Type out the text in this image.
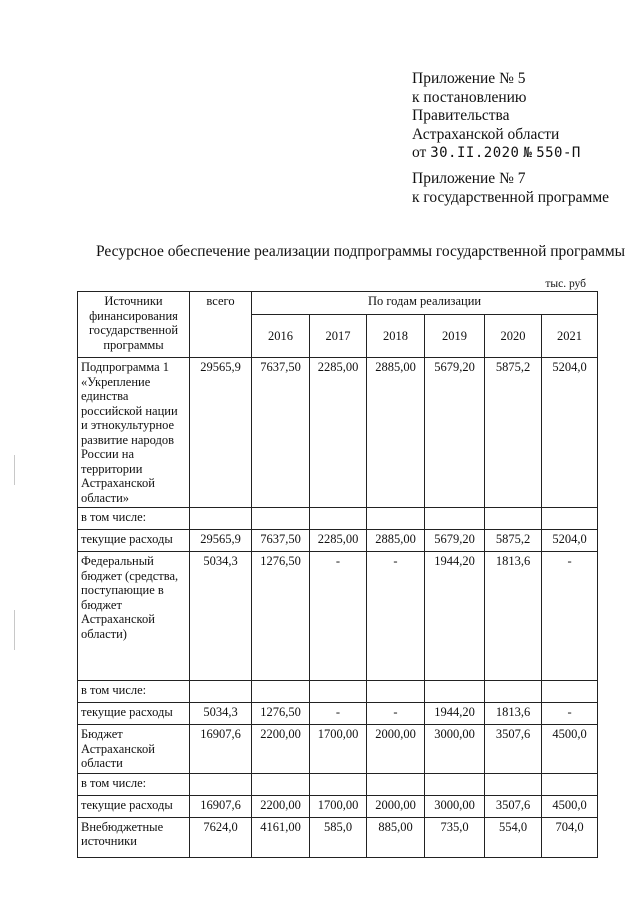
Приложение № 5
к постановлению
Правительства
Астраханской области
от 30.II.2020 № 550-П
Приложение № 7
к государственной программе
Ресурсное обеспечение реализации подпрограммы государственной программы
тыс. руб
Источники финансирования государственной программы	всего	По годам реализации					
		2016	2017	2018	2019	2020	2021
Подпрограмма 1 «Укрепление единства российской нации и этнокультурное развитие народов России на территории Астраханской области»	29565,9	7637,50	2285,00	2885,00	5679,20	5875,2	5204,0
в том числе:							
текущие расходы	29565,9	7637,50	2285,00	2885,00	5679,20	5875,2	5204,0
Федеральный бюджет (средства, поступающие в бюджет Астраханской области)	5034,3	1276,50	-	-	1944,20	1813,6	-
в том числе:							
текущие расходы	5034,3	1276,50	-	-	1944,20	1813,6	-
Бюджет Астраханской области	16907,6	2200,00	1700,00	2000,00	3000,00	3507,6	4500,0
в том числе:							
текущие расходы	16907,6	2200,00	1700,00	2000,00	3000,00	3507,6	4500,0
Внебюджетные источники	7624,0	4161,00	585,0	885,00	735,0	554,0	704,0
